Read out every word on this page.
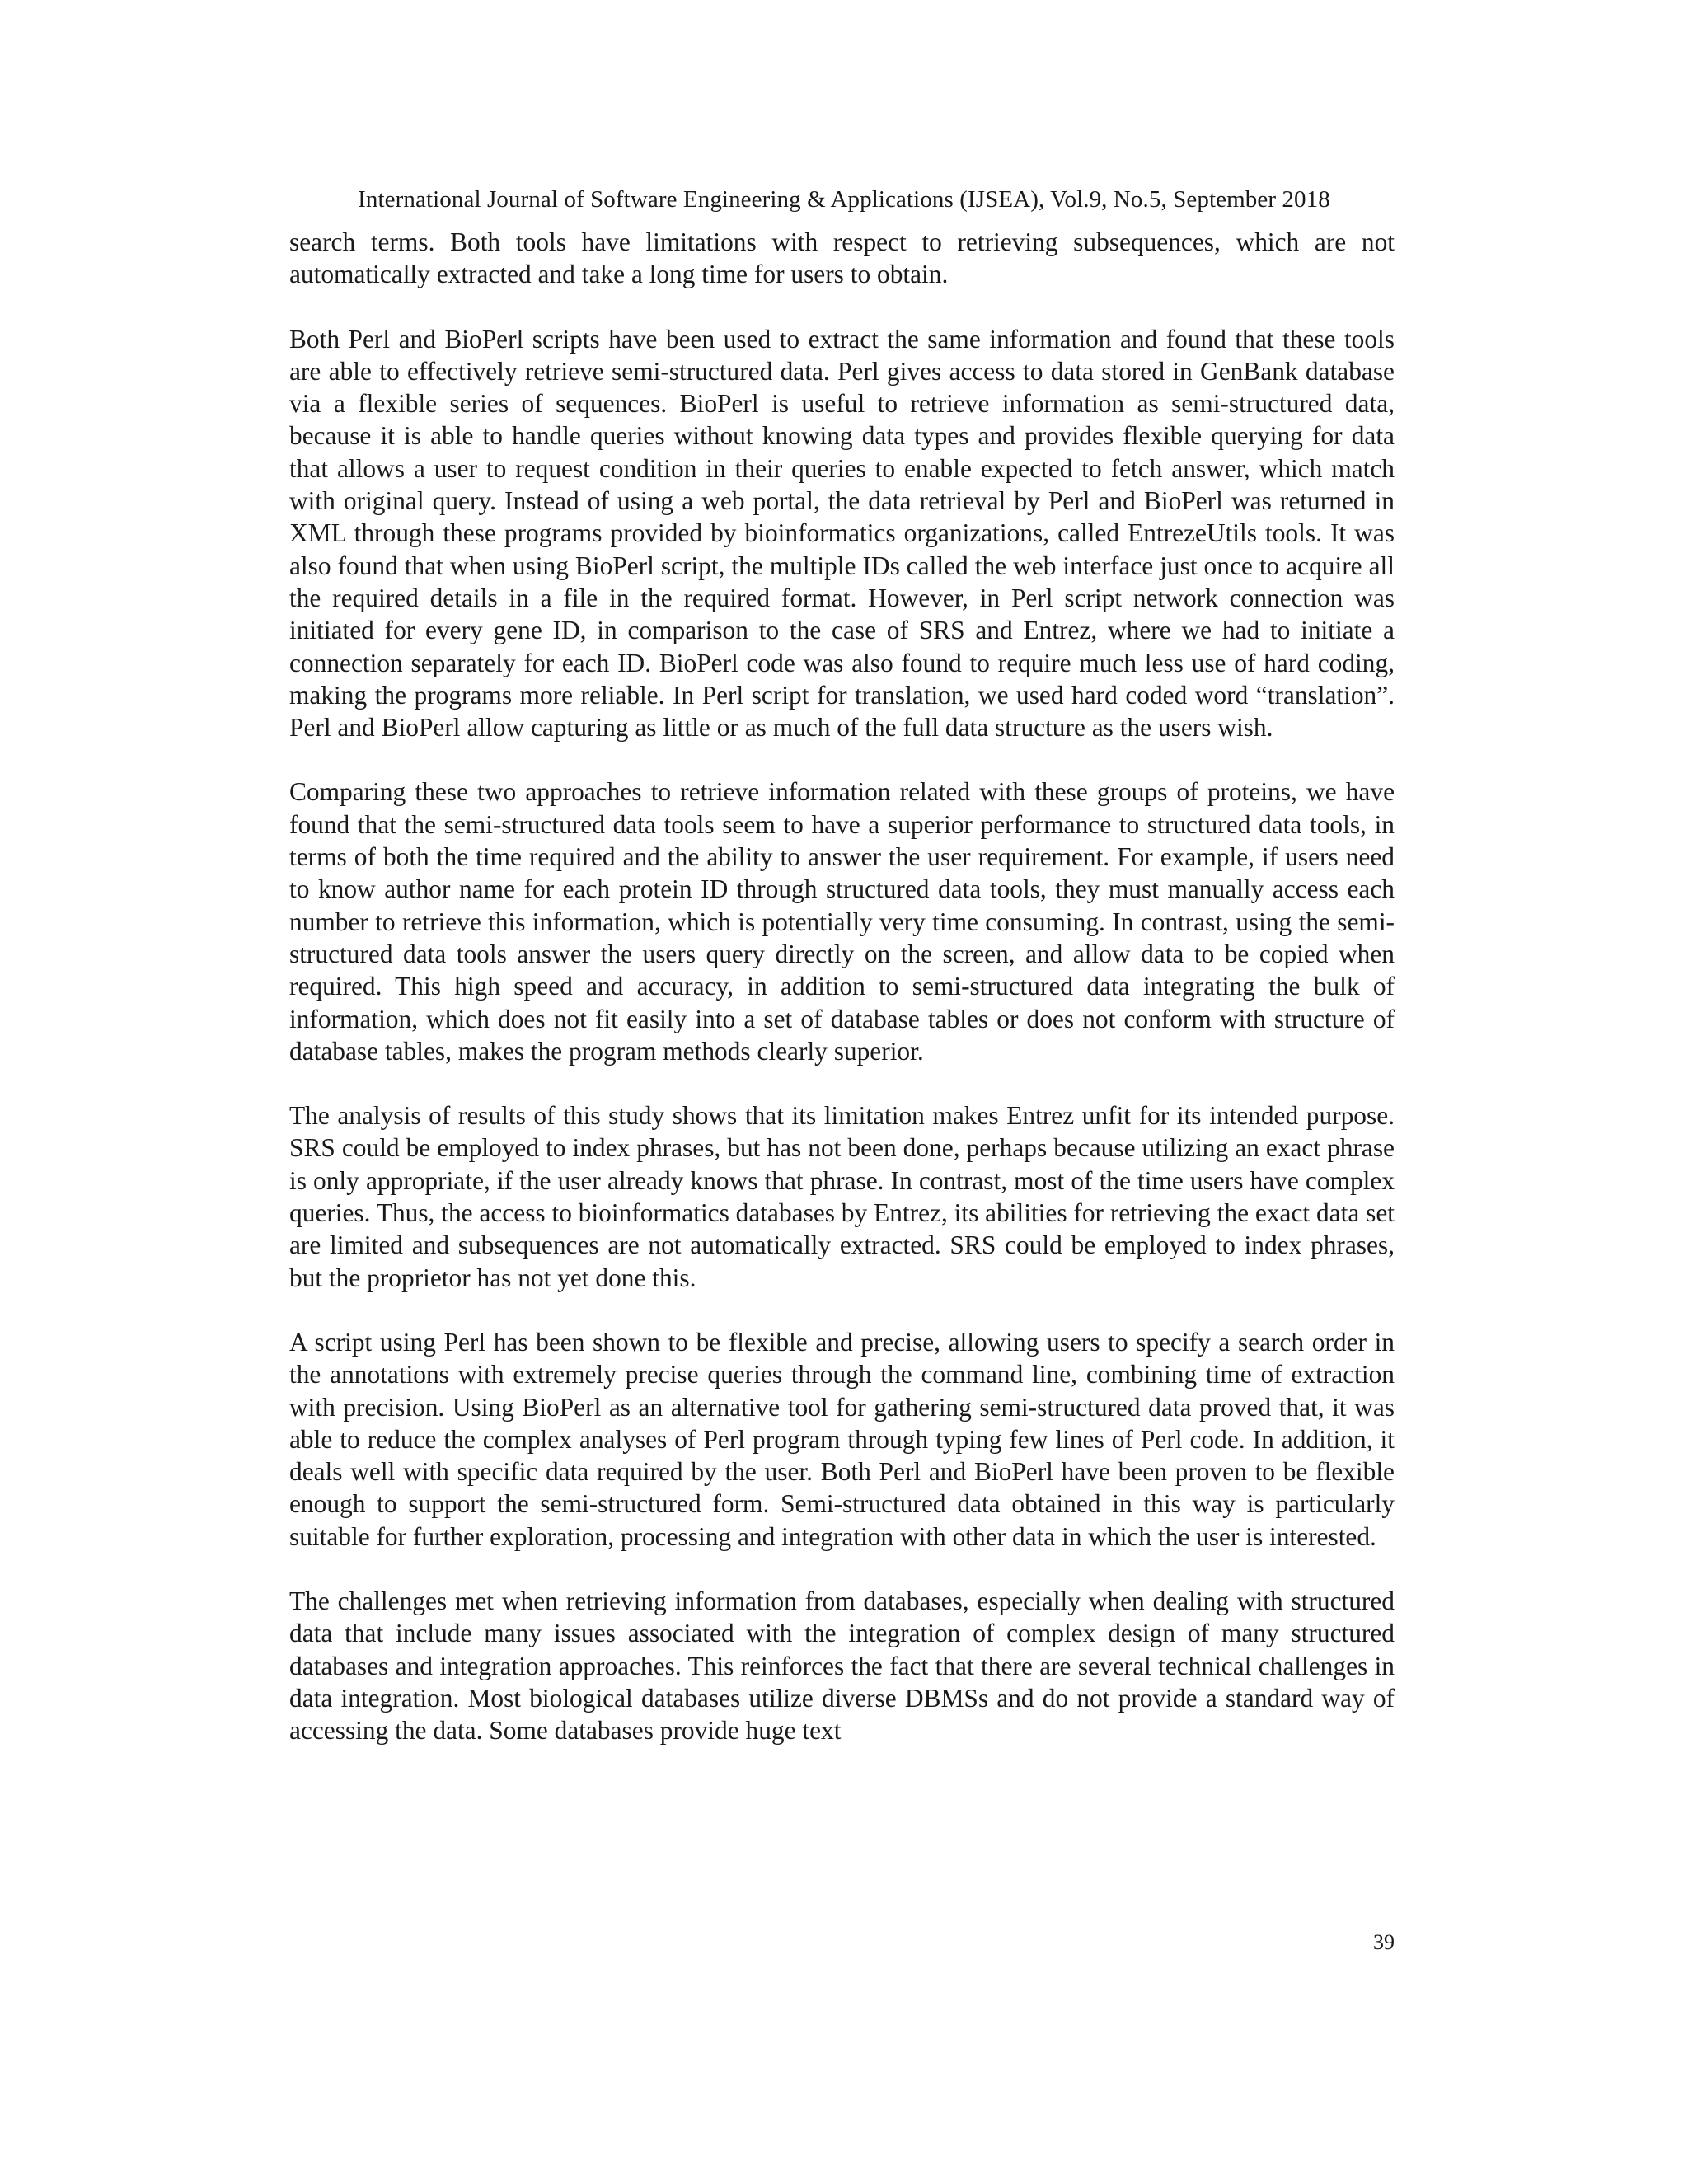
International Journal of Software Engineering & Applications (IJSEA), Vol.9, No.5, September 2018

search terms. Both tools have limitations with respect to retrieving subsequences, which are not automatically extracted and take a long time for users to obtain.

Both Perl and BioPerl scripts have been used to extract the same information and found that these tools are able to effectively retrieve semi-structured data. Perl gives access to data stored in GenBank database via a flexible series of sequences. BioPerl is useful to retrieve information as semi-structured data, because it is able to handle queries without knowing data types and provides flexible querying for data that allows a user to request condition in their queries to enable expected to fetch answer, which match with original query. Instead of using a web portal, the data retrieval by Perl and BioPerl was returned in XML through these programs provided by bioinformatics organizations, called EntrezeUtils tools. It was also found that when using BioPerl script, the multiple IDs called the web interface just once to acquire all the required details in a file in the required format. However, in Perl script network connection was initiated for every gene ID, in comparison to the case of SRS and Entrez, where we had to initiate a connection separately for each ID. BioPerl code was also found to require much less use of hard coding, making the programs more reliable. In Perl script for translation, we used hard coded word “translation”. Perl and BioPerl allow capturing as little or as much of the full data structure as the users wish.

Comparing these two approaches to retrieve information related with these groups of proteins, we have found that the semi-structured data tools seem to have a superior performance to structured data tools, in terms of both the time required and the ability to answer the user requirement. For example, if users need to know author name for each protein ID through structured data tools, they must manually access each number to retrieve this information, which is potentially very time consuming. In contrast, using the semi-structured data tools answer the users query directly on the screen, and allow data to be copied when required. This high speed and accuracy, in addition to semi-structured data integrating the bulk of information, which does not fit easily into a set of database tables or does not conform with structure of database tables, makes the program methods clearly superior.

The analysis of results of this study shows that its limitation makes Entrez unfit for its intended purpose. SRS could be employed to index phrases, but has not been done, perhaps because utilizing an exact phrase is only appropriate, if the user already knows that phrase. In contrast, most of the time users have complex queries. Thus, the access to bioinformatics databases by Entrez, its abilities for retrieving the exact data set are limited and subsequences are not automatically extracted. SRS could be employed to index phrases, but the proprietor has not yet done this.

A script using Perl has been shown to be flexible and precise, allowing users to specify a search order in the annotations with extremely precise queries through the command line, combining time of extraction with precision. Using BioPerl as an alternative tool for gathering semi-structured data proved that, it was able to reduce the complex analyses of Perl program through typing few lines of Perl code. In addition, it deals well with specific data required by the user. Both Perl and BioPerl have been proven to be flexible enough to support the semi-structured form. Semi-structured data obtained in this way is particularly suitable for further exploration, processing and integration with other data in which the user is interested.

The challenges met when retrieving information from databases, especially when dealing with structured data that include many issues associated with the integration of complex design of many structured databases and integration approaches. This reinforces the fact that there are several technical challenges in data integration. Most biological databases utilize diverse DBMSs and do not provide a standard way of accessing the data. Some databases provide huge text

39
